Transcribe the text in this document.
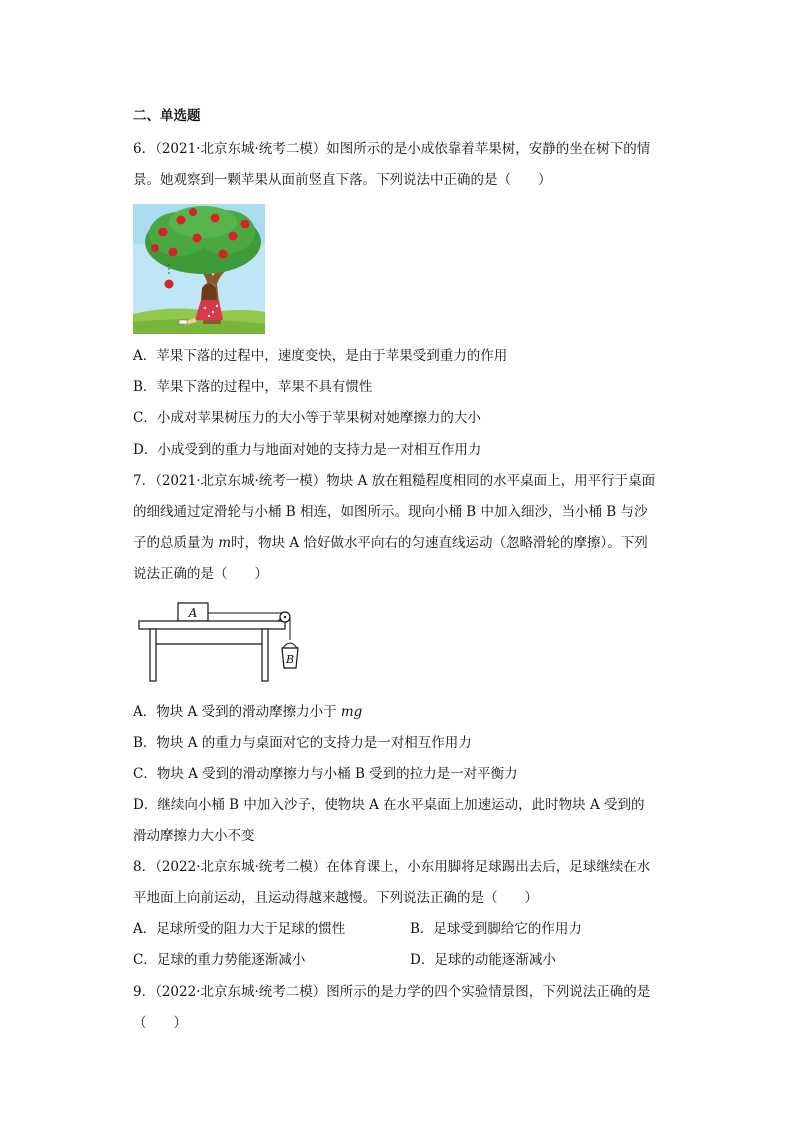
二、单选题
6．（2021·北京东城·统考二模）如图所示的是小成依靠着苹果树，安静的坐在树下的情
景。她观察到一颗苹果从面前竖直下落。下列说法中正确的是（　　）
A．苹果下落的过程中，速度变快，是由于苹果受到重力的作用
B．苹果下落的过程中，苹果不具有惯性
C．小成对苹果树压力的大小等于苹果树对她摩擦力的大小
D．小成受到的重力与地面对她的支持力是一对相互作用力
7．（2021·北京东城·统考一模）物块 A 放在粗糙程度相同的水平桌面上，用平行于桌面
的细线通过定滑轮与小桶 B 相连，如图所示。现向小桶 B 中加入细沙，当小桶 B 与沙
子的总质量为 m时，物块 A 恰好做水平向右的匀速直线运动（忽略滑轮的摩擦）。下列
说法正确的是（　　）
A
B
A．物块 A 受到的滑动摩擦力小于 mg
B．物块 A 的重力与桌面对它的支持力是一对相互作用力
C．物块 A 受到的滑动摩擦力与小桶 B 受到的拉力是一对平衡力
D．继续向小桶 B 中加入沙子，使物块 A 在水平桌面上加速运动，此时物块 A 受到的
滑动摩擦力大小不变
8．（2022·北京东城·统考二模）在体育课上，小东用脚将足球踢出去后，足球继续在水
平地面上向前运动，且运动得越来越慢。下列说法正确的是（　　）
A．足球所受的阻力大于足球的惯性	B．足球受到脚给它的作用力
C．足球的重力势能逐渐减小	D．足球的动能逐渐减小
9．（2022·北京东城·统考二模）图所示的是力学的四个实验情景图，下列说法正确的是
（　　）
